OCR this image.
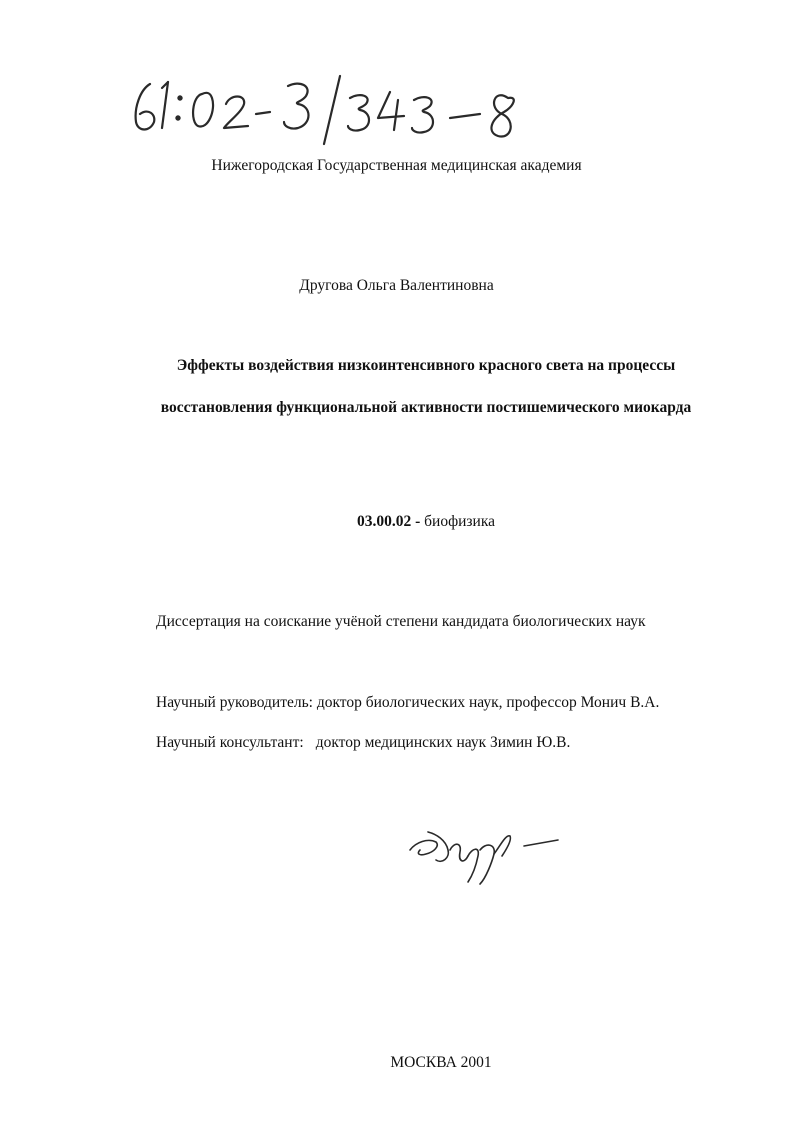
61:02-3/343-8
Нижегородская Государственная медицинская академия
Другова Ольга Валентиновна
Эффекты воздействия низкоинтенсивного красного света на процессы
восстановления функциональной активности постишемического миокарда
03.00.02 - биофизика
Диссертация на соискание учёной степени кандидата биологических наук
Научный руководитель: доктор биологических наук, профессор Монич В.А.
Научный консультант: доктор медицинских наук Зимин Ю.В.
Друг -
МОСКВА 2001
